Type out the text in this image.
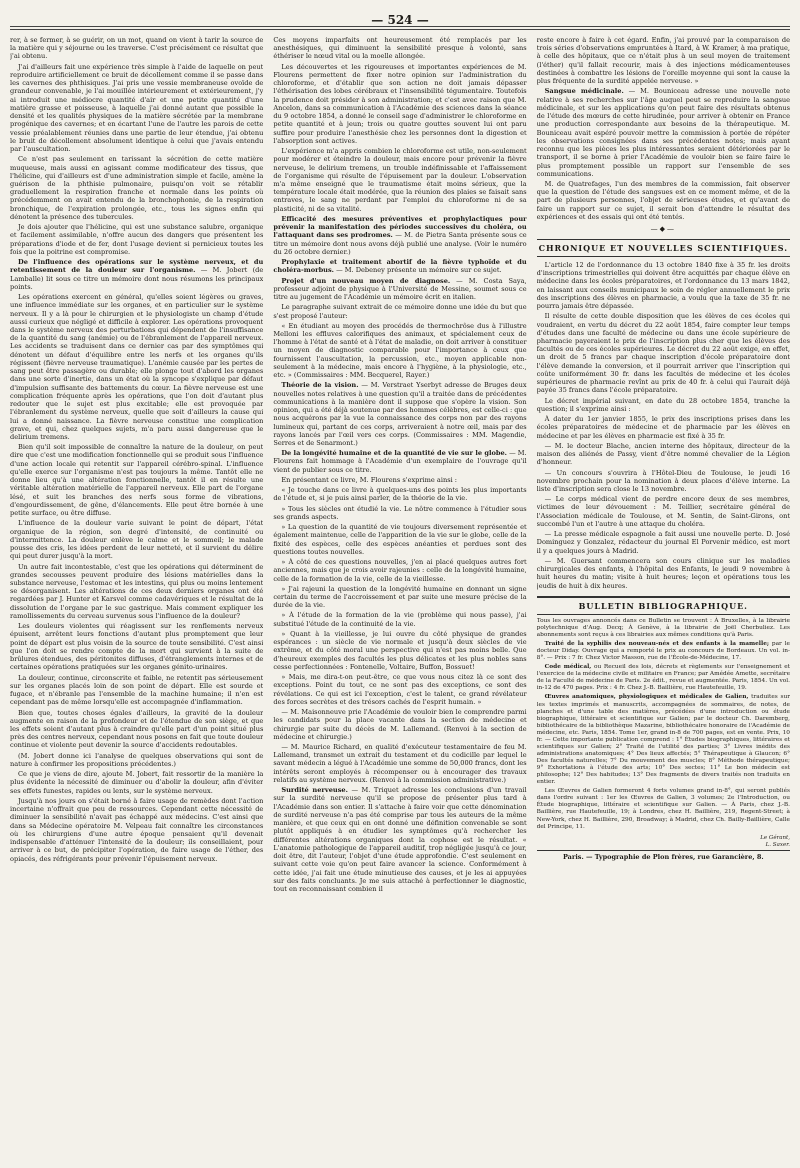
— 524 —

rer, à se fermer, à se guérir, on un mot, quand on vient à tarir la source de la matière qui y séjourne ou les traverse. C'est précisément ce résultat que j'ai obtenu.

J'ai d'ailleurs fait une expérience très simple à l'aide de laquelle on peut reproduire artificiellement ce bruit de décollement comme il se passe dans les cavernes des phthisiques. J'ai pris une vessie membraneuse ovoïde de grandeur convenable, je l'ai mouillée intérieurement et extérieurement, j'y ai introduit une médiocre quantité d'air et une petite quantité d'une matière grasse et poisseuse, à laquelle j'ai donné autant que possible la densité et les qualités physiques de la matière sécrétée par la membrane progénique des cavernes; et en écartant l'une de l'autre les parois de cette vessie préalablement réunies dans une partie de leur étendue, j'ai obtenu le bruit de décollement absolument identique à celui que j'avais entendu par l'auscultation.

Ce n'est pas seulement en tarissant la sécrétion de cette matière muqueuse, mais aussi en agissant comme modificateur des tissus, que l'hélicine, qui d'ailleurs est d'une administration simple et facile, amène la guérison de la phthisie pulmonaire, puisqu'on voit se rétablir graduellement la respiration franche et normale dans les points où précédemment on avait entendu de la bronchophonie, de la respiration bronchique, de l'expiration prolongée, etc., tous les signes enfin qui dénotent la présence des tubercules.

Je dois ajouter que l'hélicine, qui est une substance salubre, organique et facilement assimilable, n'offre aucun des dangers que présentent les préparations d'iode et de fer, dont l'usage devient si pernicieux toutes les fois que la poitrine est compromise.

De l'influence des opérations sur le système nerveux, et du retentissement de la douleur sur l'organisme. — M. Jobert (de Lamballe) lit sous ce titre un mémoire dont nous résumons les principaux points.

Les opérations exercent en général, qu'elles soient légères ou graves, une influence immédiate sur les organes, et en particulier sur le système nerveux. Il y a là pour le chirurgien et le physiologiste un champ d'étude aussi curieux que négligé et difficile à explorer. Les opérations provoquent dans le système nerveux des perturbations qui dépendent de l'insuffisance de la quantité du sang (anémie) ou de l'ébranlement de l'appareil nerveux. Les accidents se traduisent dans ce dernier cas par des symptômes qui dénotent un défaut d'équilibre entre les nerfs et les organes qu'ils régissent (fièvre nerveuse traumatique). L'anémie causée par les pertes de sang peut être passagère ou durable; elle plonge tout d'abord les organes dans une sorte d'inertie, dans un état où la syncope s'explique par défaut d'impulsion suffisante des battements du cœur. La fièvre nerveuse est une complication fréquente après les opérations, que l'on doit d'autant plus redouter que le sujet est plus excitable; elle est provoquée par l'ébranlement du système nerveux, quelle que soit d'ailleurs la cause qui lui a donné naissance. La fièvre nerveuse constitue une complication grave, et qui, chez quelques sujets, m'a paru aussi dangereuse que le delirium tremens.

Bien qu'il soit impossible de connaître la nature de la douleur, on peut dire que c'est une modification fonctionnelle qui se produit sous l'influence d'une action locale qui retentit sur l'appareil cérébro-spinal. L'influence qu'elle exerce sur l'organisme n'est pas toujours la même. Tantôt elle ne donne lieu qu'à une altération fonctionnelle, tantôt il en résulte une véritable altération matérielle de l'appareil nerveux. Elle part de l'organe lésé, et suit les branches des nerfs sous forme de vibrations, d'engourdissement, de gêne, d'élancements. Elle peut être bornée à une petite surface, ou être diffuse.

L'influence de la douleur varie suivant le point de départ, l'état organique de la région, son degré d'intensité, de continuité ou d'intermittence. La douleur enlève le calme et le sommeil; le malade pousse des cris, les idées perdent de leur netteté, et il survient du délire qui peut durer jusqu'à la mort.

Un autre fait incontestable, c'est que les opérations qui déterminent de grandes secousses peuvent produire des lésions matérielles dans la substance nerveuse, l'estomac et les intestins, qui plus ou moins lentement se désorganisent. Les altérations de ces deux derniers organes ont été regardées par J. Hunter et Karsvel comme cadavériques et le résultat de la dissolution de l'organe par le suc gastrique. Mais comment expliquer les ramollissements du cerveau survenus sous l'influence de la douleur?

Les douleurs violentes qui réagissent sur les renflements nerveux épuisent, arrêtent leurs fonctions d'autant plus promptement que leur point de départ est plus voisin de la source de toute sensibilité. C'est ainsi que l'on doit se rendre compte de la mort qui survient à la suite de brûlures étendues, des péritonites diffuses, d'étranglements internes et de certaines opérations pratiquées sur les organes génito-urinaires.

La douleur, continue, circonscrite et faible, ne retentit pas sérieusement sur les organes placés loin de son point de départ. Elle est sourde et fugace, et n'ébranle pas l'ensemble de la machine humaine; il n'en est cependant pas de même lorsqu'elle est accompagnée d'inflammation.

Bien que, toutes choses égales d'ailleurs, la gravité de la douleur augmente en raison de la profondeur et de l'étendue de son siège, et que les effets soient d'autant plus à craindre qu'elle part d'un point situé plus près des centres nerveux, cependant nous posons en fait que toute douleur continue et violente peut devenir la source d'accidents redoutables.

(M. Jobert donne ici l'analyse de quelques observations qui sont de nature à confirmer les propositions précédentes.)

Ce que je viens de dire, ajoute M. Jobert, fait ressortir de la manière la plus évidente la nécessité de diminuer ou d'abolir la douleur, afin d'éviter ses effets funestes, rapides ou lents, sur le système nerveux.

Jusqu'à nos jours on s'était borné à faire usage de remèdes dont l'action incertaine n'offrait que peu de ressources. Cependant cette nécessité de diminuer la sensibilité n'avait pas échappé aux médecins. C'est ainsi que dans sa Médecine opératoire M. Velpeau fait connaître les circonstances où les chirurgiens d'une autre époque pensaient qu'il devenait indispensable d'atténuer l'intensité de la douleur; ils conseillaient, pour arriver à ce but, de précipiter l'opération, de faire usage de l'éther, des opiacés, des réfrigérants pour prévenir l'épuisement nerveux.

Ces moyens imparfaits ont heureusement été remplacés par les anesthésiques, qui diminuent la sensibilité presque à volonté, sans éthériser le nœud vital ou la moelle allongée.

Les découvertes et les rigoureuses et importantes expériences de M. Flourens permettent de fixer notre opinion sur l'administration du chloroforme, et d'établir que son action ne doit jamais dépasser l'éthérisation des lobes cérébraux et l'insensibilité tégumentaire. Toutefois la prudence doit présider à son administration; et c'est avec raison que M. Ancelon, dans sa communication à l'Académie des sciences dans la séance du 9 octobre 1854, a donné le conseil sage d'administrer le chloroforme en petite quantité et à jeun; trois ou quatre gouttes souvent lui ont paru suffire pour produire l'anesthésie chez les personnes dont la digestion et l'absorption sont actives.

L'expérience m'a appris combien le chloroforme est utile, non-seulement pour modérer et éteindre la douleur, mais encore pour prévenir la fièvre nerveuse, le delirium tremens, un trouble indéfinissable et l'affaissement de l'organisme qui résulte de l'épuisement par la douleur. L'observation m'a même enseigné que le traumatisme était moins sérieux, que la température locale était modérée, que la réunion des plaies se faisait sans entraves, le sang ne perdant par l'emploi du chloroforme ni de sa plasticité, ni de sa vitalité.

Efficacité des mesures préventives et prophylactiques pour prévenir la manifestation des périodes successives du choléra, ou l'attaquant dans ses prodromes. — M. de Pietra Santa présente sous ce titre un mémoire dont nous avons déjà publié une analyse. (Voir le numéro du 26 octobre dernier.)

Prophylaxie et traitement abortif de la fièvre typhoïde et du choléra-morbus. — M. Debeney présente un mémoire sur ce sujet.

Projet d'un nouveau moyen de diagnose. — M. Costa Saya, professeur adjoint de physique à l'Université de Messine, soumet sous ce titre au jugement de l'Académie un mémoire écrit en italien.

Le paragraphe suivant extrait de ce mémoire donne une idée du but que s'est proposé l'auteur:

« En étudiant au moyen des procédés de thermochrôse dus à l'illustre Melloni les effluves calorifiques des animaux, et spécialement ceux de l'homme à l'état de santé et à l'état de maladie, on doit arriver à constituer un moyen de diagnostic comparable pour l'importance à ceux que fournissent l'auscultation, la percussion, etc., moyen applicable non-seulement à la médecine, mais encore à l'hygiène, à la physiologie, etc., etc. » (Commissaires : MM. Becquerel, Rayer.)

Théorie de la vision. — M. Verstraet Yserbyt adresse de Bruges deux nouvelles notes relatives à une question qu'il a traitée dans de précédentes communications à la manière dont il suppose que s'opère la vision. Son opinion, qui a été déjà soutenue par des hommes célèbres, est celle-ci : que nous acquérons par la vue la connaissance des corps non par des rayons lumineux qui, partant de ces corps, arriveraient à notre œil, mais par des rayons lancés par l'œil vers ces corps. (Commissaires : MM. Magendie, Serres et de Senarmont.)

De la longévité humaine et de la quantité de vie sur le globe. — M. Flourens fait hommage à l'Académie d'un exemplaire de l'ouvrage qu'il vient de publier sous ce titre.

En présentant ce livre, M. Flourens s'exprime ainsi :

« Je touche dans ce livre à quelques-uns des points les plus importants de l'étude et, si je puis ainsi parler, de la théorie de la vie.

» Tous les siècles ont étudié la vie. Le nôtre commence à l'étudier sous ses grands aspects.

» La question de la quantité de vie toujours diversement représentée et également maintenue, celle de l'apparition de la vie sur le globe, celle de la fixité des espèces, celle des espèces anéanties et perdues sont des questions toutes nouvelles.

» À côté de ces questions nouvelles, j'en ai placé quelques autres fort anciennes, mais que je crois avoir rajeunies : celle de la longévité humaine, celle de la formation de la vie, celle de la vieillesse.

» J'ai rajeuni la question de la longévité humaine en donnant un signe certain du terme de l'accroissement et par suite une mesure précise de la durée de la vie.

» À l'étude de la formation de la vie (problème qui nous passe), j'ai substitué l'étude de la continuité de la vie.

» Quant à la vieillesse, je lui ouvre du côté physique de grandes espérances : un siècle de vie normale et jusqu'à deux siècles de vie extrême, et du côté moral une perspective qui n'est pas moins belle. Que d'heureux exemples des facultés les plus délicates et les plus nobles sans cesse perfectionnées : Fontenelle, Voltaire, Buffon, Bossuet!

» Mais, me dira-t-on peut-être, ce que vous nous citez là ce sont des exceptions. Point du tout, ce ne sont pas des exceptions, ce sont des révélations. Ce qui est ici l'exception, c'est le talent, ce grand révélateur des forces secrètes et des trésors cachés de l'esprit humain. »

— M. Maisonneuve prie l'Académie de vouloir bien le comprendre parmi les candidats pour la place vacante dans la section de médecine et chirurgie par suite du décès de M. Lallemand. (Renvoi à la section de médecine et chirurgie.)

— M. Maurice Richard, en qualité d'exécuteur testamentaire de feu M. Lallemand, transmet un extrait du testament et du codicille par lequel le savant médecin a légué à l'Académie une somme de 50,000 francs, dont les intérêts seront employés à récompenser ou à encourager des travaux relatifs au système nerveux. (Renvoi à la commission administrative.)

Surdité nerveuse. — M. Triquet adresse les conclusions d'un travail sur la surdité nerveuse qu'il se propose de présenter plus tard à l'Académie dans son entier. Il s'attache à faire voir que cette dénomination de surdité nerveuse n'a pas été comprise par tous les auteurs de la même manière, et que ceux qui en ont donné une définition convenable se sont plutôt appliqués à en étudier les symptômes qu'à rechercher les différentes altérations organiques dont la cophose est le résultat. « L'anatomie pathologique de l'appareil auditif, trop négligée jusqu'à ce jour, doit être, dit l'auteur, l'objet d'une étude approfondie. C'est seulement en suivant cette voie qu'on peut faire avancer la science. Conformément à cette idée, j'ai fait une étude minutieuse des causes, et je les ai appuyées sur des faits concluants. Je me suis attaché à perfectionner le diagnostic, tout en reconnaissant combien il

reste encore à faire à cet égard. Enfin, j'ai prouvé par la comparaison de trois séries d'observations empruntées à Itard, à W. Kramer, à ma pratique, à celle des hôpitaux, que ce n'était plus à un seul moyen de traitement (l'éther) qu'il fallait recourir, mais à des injections médicamenteuses destinées à combattre les lésions de l'oreille moyenne qui sont la cause la plus fréquente de la surdité appelée nerveuse. »

Sangsue médicinale. — M. Bouniceau adresse une nouvelle note relative à ses recherches sur l'âge auquel peut se reproduire la sangsue médicinale, et sur les applications qu'on peut faire des résultats obtenus de l'étude des mœurs de cette hirudinée, pour arriver à obtenir en France une production correspondante aux besoins de la thérapeutique. M. Bouniceau avait espéré pouvoir mettre la commission à portée de répéter les observations consignées dans ses précédentes notes; mais ayant reconnu que les pièces les plus intéressantes seraient détériorées par le transport, il se borne à prier l'Académie de vouloir bien se faire faire le plus promptement possible un rapport sur l'ensemble de ses communications.

M. de Quatrefages, l'un des membres de la commission, fait observer que la question de l'étude des sangsues est en ce moment même, et de la part de plusieurs personnes, l'objet de sérieuses études, et qu'avant de faire un rapport sur ce sujet, il serait bon d'attendre le résultat des expériences et des essais qui ont été tentés.

—◆—
CHRONIQUE ET NOUVELLES SCIENTIFIQUES.

L'article 12 de l'ordonnance du 13 octobre 1840 fixe à 35 fr. les droits d'inscriptions trimestrielles qui doivent être acquittés par chaque élève en médecine dans les écoles préparatoires, et l'ordonnance du 13 mars 1842, en laissant aux conseils municipaux le soin de régler annuellement le prix des inscriptions des élèves en pharmacie, a voulu que la taxe de 35 fr. ne pourra jamais être dépassée.

Il résulte de cette double disposition que les élèves de ces écoles qui voudraient, en vertu du décret du 22 août 1854, faire compter leur temps d'études dans une faculté de médecine ou dans une école supérieure de pharmacie payeraient le prix de l'inscription plus cher que les élèves des facultés ou de ces écoles supérieures. Le décret du 22 août exige, en effet, un droit de 5 francs par chaque inscription d'école préparatoire dont l'élève demande la conversion, et il pourrait arriver que l'inscription qui coûte uniformément 30 fr. dans les facultés de médecine et les écoles supérieures de pharmacie revînt au prix de 40 fr. à celui qui l'aurait déjà payée 35 francs dans l'école préparatoire.

Le décret impérial suivant, en date du 28 octobre 1854, tranche la question; il s'exprime ainsi :

À dater du 1er janvier 1855, le prix des inscriptions prises dans les écoles préparatoires de médecine et de pharmacie par les élèves en médecine et par les élèves en pharmacie est fixé à 35 fr.

— M. le docteur Blache, ancien interne des hôpitaux, directeur de la maison des aliénés de Passy, vient d'être nommé chevalier de la Légion d'honneur.

— Un concours s'ouvrira à l'Hôtel-Dieu de Toulouse, le jeudi 16 novembre prochain pour la nomination à deux places d'élève interne. La liste d'inscription sera close le 13 novembre.

— Le corps médical vient de perdre encore deux de ses membres, victimes de leur dévouement : M. Teillier, secrétaire général de l'Association médicale de Toulouse, et M. Sentin, de Saint-Girons, ont succombé l'un et l'autre à une attaque du choléra.

— La presse médicale espagnole a fait aussi une nouvelle perte. D. José Dominguez y Gonzalez, rédacteur du journal El Porvenir médico, est mort il y a quelques jours à Madrid.

— M. Guersant commencera son cours clinique sur les maladies chirurgicales des enfants, à l'hôpital des Enfants, le jeudi 9 novembre à huit heures du matin; visite à huit heures; leçon et opérations tous les jeudis de huit à dix heures.

BULLETIN BIBLIOGRAPHIQUE.

Tous les ouvrages annoncés dans ce Bulletin se trouvent : À Bruxelles, à la librairie polytechnique d'Aug. Decq; À Genève, à la librairie de Joël Cherbuliez. Les abonnements sont reçus à ces librairies aux mêmes conditions qu'à Paris.

Traité de la syphilis des nouveau-nés et des enfants à la mamelle; par le docteur Diday. Ouvrage qui a remporté le prix au concours de Bordeaux. Un vol. in-8°. — Prix : 7 fr. Chez Victor Masson, rue de l'École-de-Médecine, 17.

Code médical, ou Recueil des lois, décrets et règlements sur l'enseignement et l'exercice de la médecine civile et militaire en France; par Amédée Amette, secrétaire de la Faculté de médecine de Paris. 2e édit., revue et augmentée. Paris, 1854. Un vol. in-12 de 470 pages. Prix : 4 fr. Chez J.-B. Baillière, rue Hautefeuille, 19.

Œuvres anatomiques, physiologiques et médicales de Galien, traduites sur les textes imprimés et manuscrits, accompagnées de sommaires, de notes, de planches et d'une table des matières, précédées d'une introduction ou étude biographique, littéraire et scientifique sur Galien; par le docteur Ch. Daremberg, bibliothécaire de la bibliothèque Mazarine, bibliothécaire honoraire de l'Académie de médecine, etc. Paris, 1854. Tome 1er, grand in-8 de 700 pages, est en vente. Prix, 10 fr. — Cette importante publication comprend : 1° Études biographiques, littéraires et scientifiques sur Galien; 2° Traité de l'utilité des parties; 3° Livres inédits des administrations anatomiques; 4° Des lieux affectés; 5° Thérapeutique à Glaucon; 6° Des facultés naturelles; 7° Du mouvement des muscles; 8° Méthode thérapeutique; 9° Exhortations à l'étude des arts; 10° Des sectes; 11° Le bon médecin est philosophe; 12° Des habitudes; 13° Des fragments de divers traités non traduits en entier.

Les Œuvres de Galien formeront 4 forts volumes grand in-8°, qui seront publiés dans l'ordre suivant : 1er les Œuvres de Galien, 3 volumes; 2e l'Introduction, ou Étude biographique, littéraire et scientifique sur Galien. — À Paris, chez J.-B. Baillière, rue Hautefeuille, 19; à Londres, chez H. Baillière, 219, Regent-Street; à New-York, chez H. Baillière, 290, Broadway; à Madrid, chez Ch. Bailly-Baillière, Calle del Principe, 11.

Le Gérant,
L. Saxer.
Paris. — Typographie de Plon frères, rue Garancière, 8.
